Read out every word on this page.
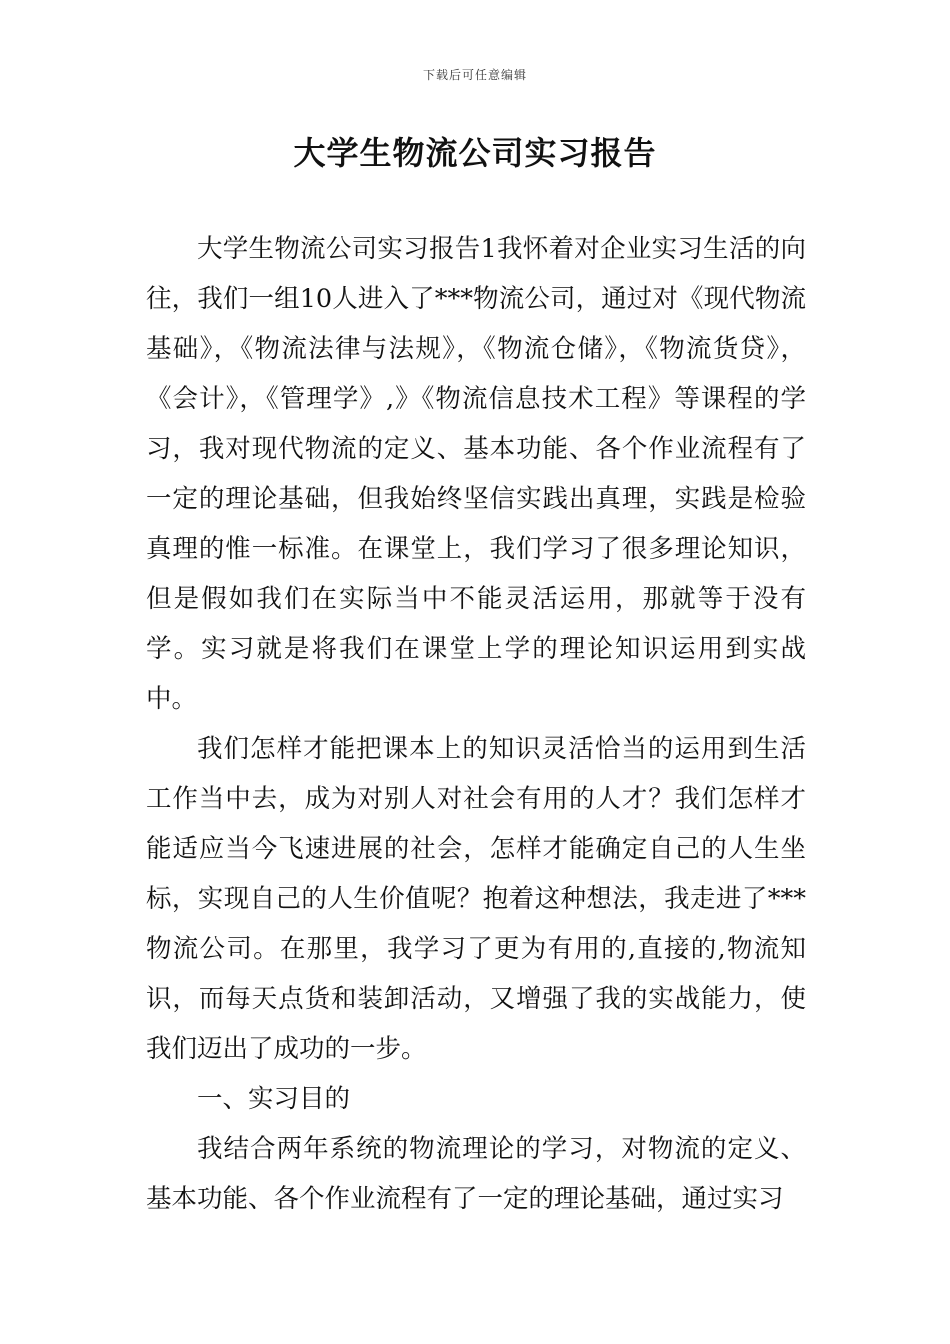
下载后可任意编辑
大学生物流公司实习报告

大学生物流公司实习报告1我怀着对企业实习生活的向往，我们一组10人进入了***物流公司，通过对《现代物流基础》，《物流法律与法规》，《物流仓储》，《物流货贷》，《会计》，《管理学》,》《物流信息技术工程》等课程的学习，我对现代物流的定义、基本功能、各个作业流程有了一定的理论基础，但我始终坚信实践出真理，实践是检验真理的惟一标准。在课堂上，我们学习了很多理论知识，但是假如我们在实际当中不能灵活运用，那就等于没有学。实习就是将我们在课堂上学的理论知识运用到实战中。

我们怎样才能把课本上的知识灵活恰当的运用到生活工作当中去，成为对别人对社会有用的人才？我们怎样才能适应当今飞速进展的社会，怎样才能确定自己的人生坐标，实现自己的人生价值呢？抱着这种想法，我走进了***物流公司。在那里，我学习了更为有用的,直接的,物流知识，而每天点货和装卸活动，又增强了我的实战能力，使我们迈出了成功的一步。

一、实习目的

我结合两年系统的物流理论的学习，对物流的定义、基本功能、各个作业流程有了一定的理论基础，通过实习
